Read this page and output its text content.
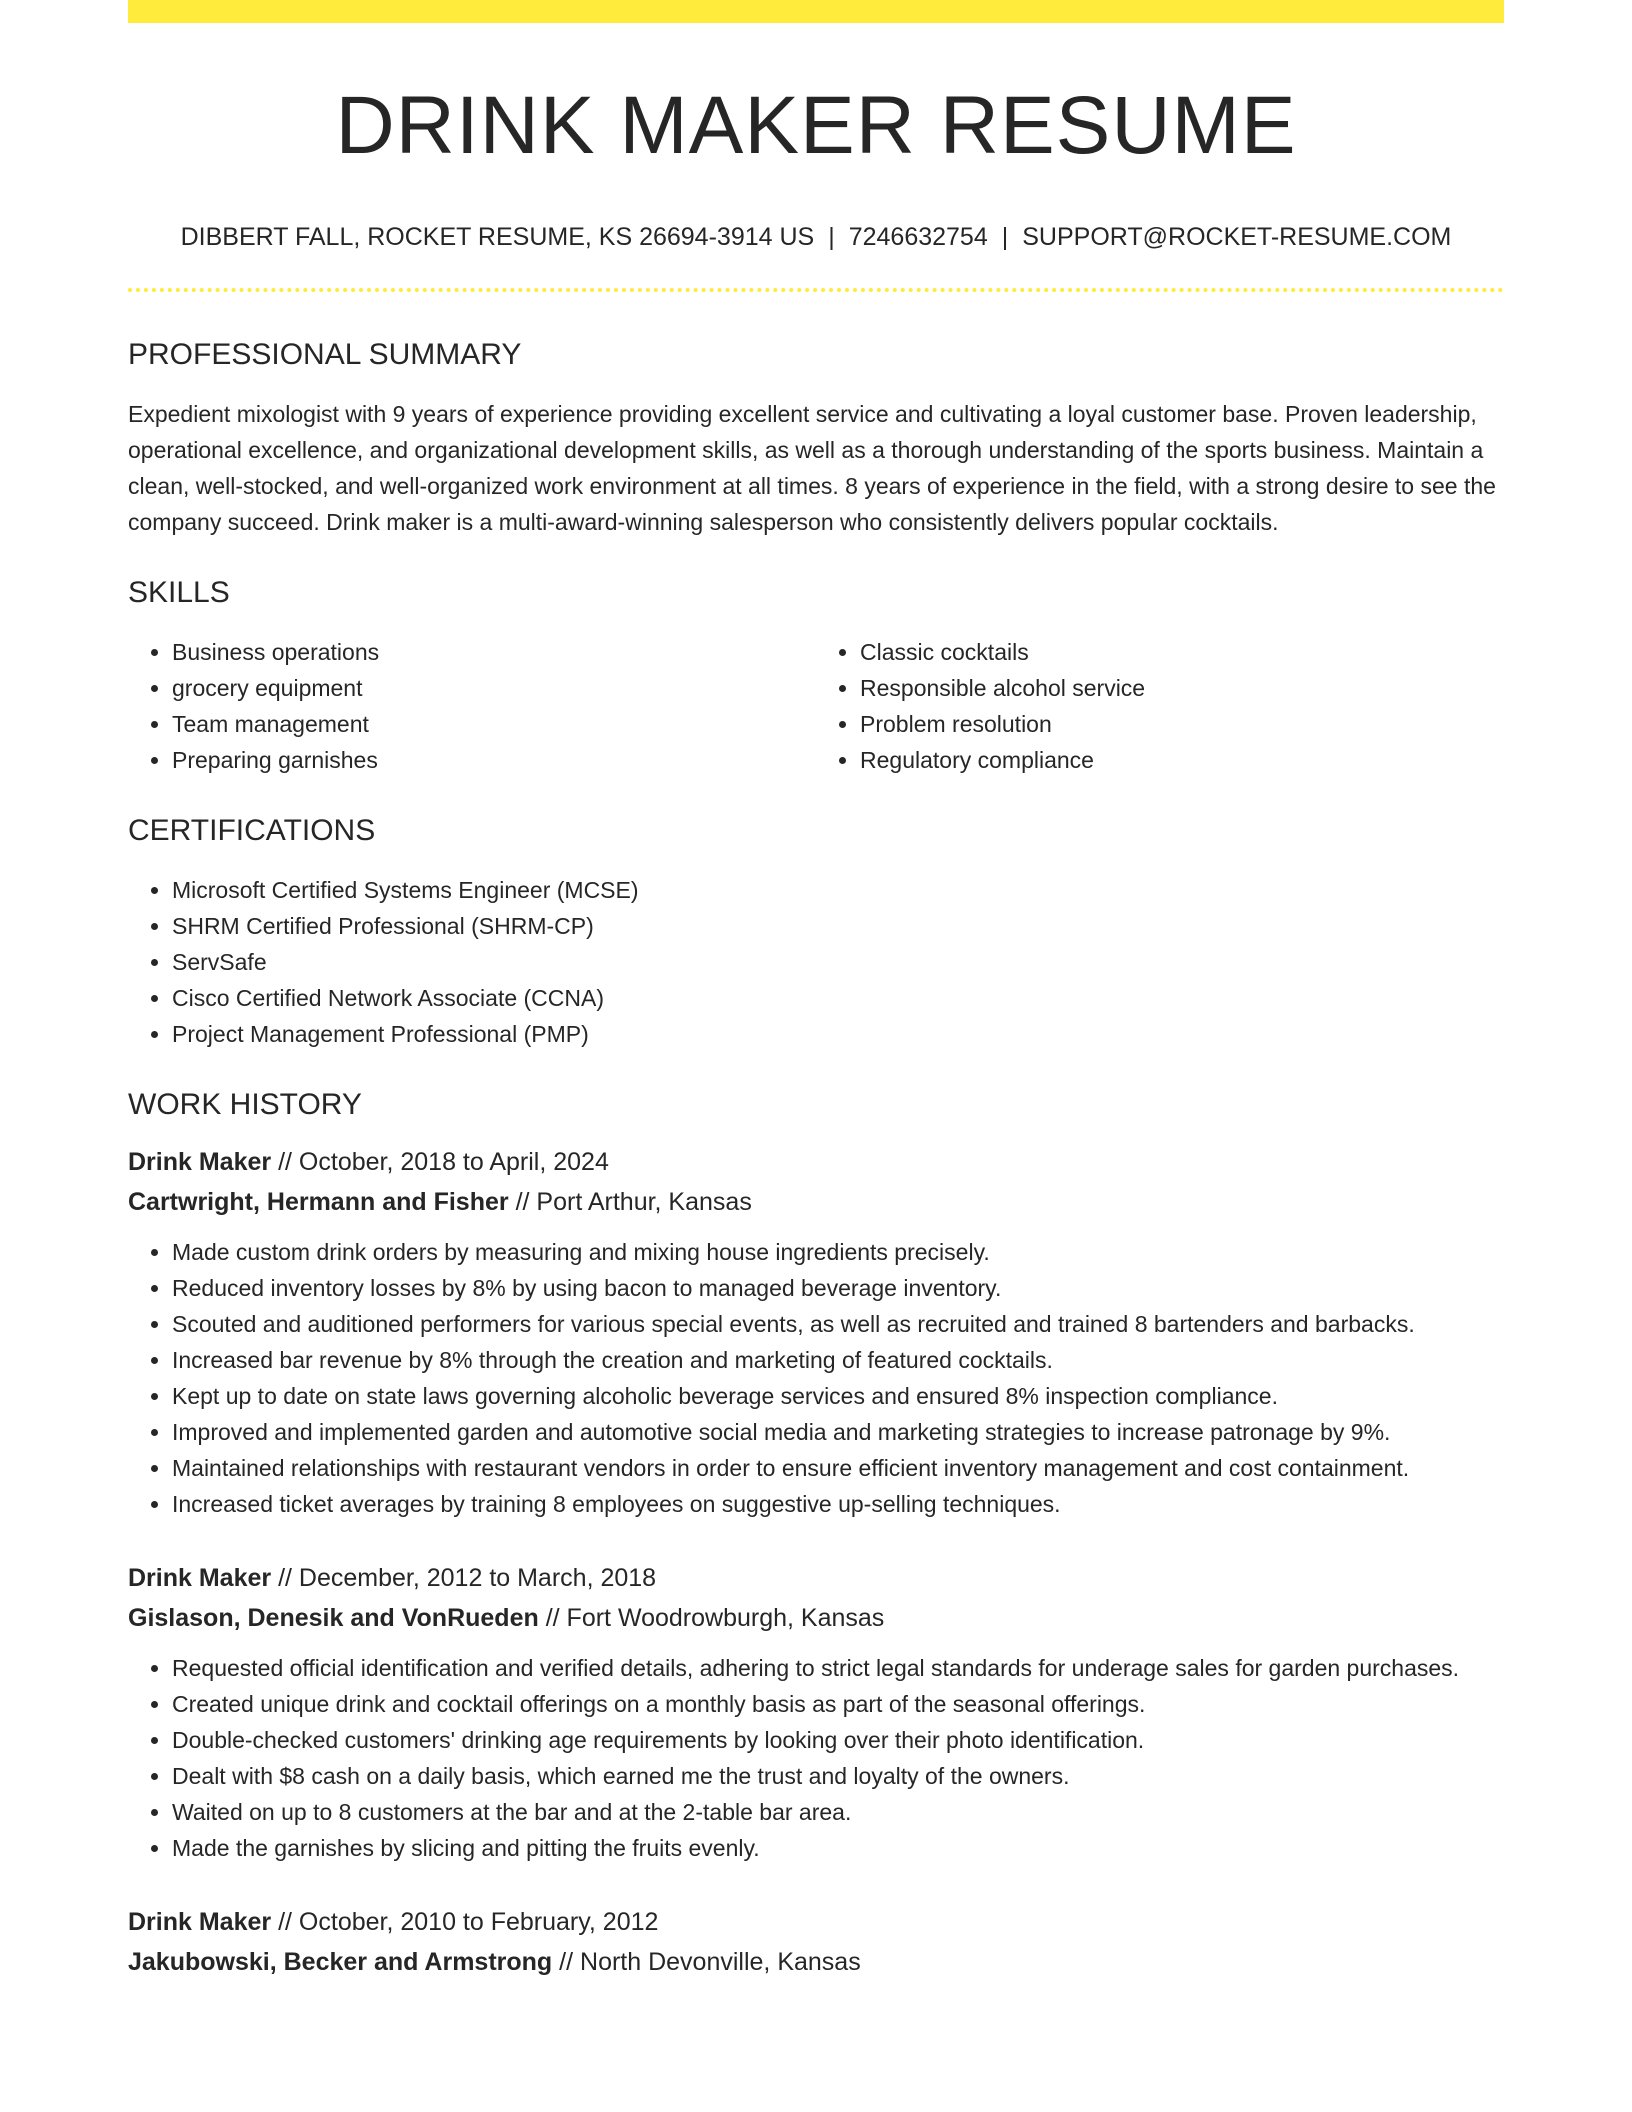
DRINK MAKER RESUME
DIBBERT FALL, ROCKET RESUME, KS 26694-3914 US | 7246632754 | SUPPORT@ROCKET-RESUME.COM
PROFESSIONAL SUMMARY

Expedient mixologist with 9 years of experience providing excellent service and cultivating a loyal customer base. Proven leadership, operational excellence, and organizational development skills, as well as a thorough understanding of the sports business. Maintain a clean, well-stocked, and well-organized work environment at all times. 8 years of experience in the field, with a strong desire to see the company succeed. Drink maker is a multi-award-winning salesperson who consistently delivers popular cocktails.

SKILLS
• Business operations
• grocery equipment
• Team management
• Preparing garnishes
• Classic cocktails
• Responsible alcohol service
• Problem resolution
• Regulatory compliance
CERTIFICATIONS
• Microsoft Certified Systems Engineer (MCSE)
• SHRM Certified Professional (SHRM-CP)
• ServSafe
• Cisco Certified Network Associate (CCNA)
• Project Management Professional (PMP)
WORK HISTORY
Drink Maker // October, 2018 to April, 2024
Cartwright, Hermann and Fisher // Port Arthur, Kansas
• Made custom drink orders by measuring and mixing house ingredients precisely.
• Reduced inventory losses by 8% by using bacon to managed beverage inventory.
• Scouted and auditioned performers for various special events, as well as recruited and trained 8 bartenders and barbacks.
• Increased bar revenue by 8% through the creation and marketing of featured cocktails.
• Kept up to date on state laws governing alcoholic beverage services and ensured 8% inspection compliance.
• Improved and implemented garden and automotive social media and marketing strategies to increase patronage by 9%.
• Maintained relationships with restaurant vendors in order to ensure efficient inventory management and cost containment.
• Increased ticket averages by training 8 employees on suggestive up-selling techniques.
Drink Maker // December, 2012 to March, 2018
Gislason, Denesik and VonRueden // Fort Woodrowburgh, Kansas
• Requested official identification and verified details, adhering to strict legal standards for underage sales for garden purchases.
• Created unique drink and cocktail offerings on a monthly basis as part of the seasonal offerings.
• Double-checked customers' drinking age requirements by looking over their photo identification.
• Dealt with $8 cash on a daily basis, which earned me the trust and loyalty of the owners.
• Waited on up to 8 customers at the bar and at the 2-table bar area.
• Made the garnishes by slicing and pitting the fruits evenly.
Drink Maker // October, 2010 to February, 2012
Jakubowski, Becker and Armstrong // North Devonville, Kansas
